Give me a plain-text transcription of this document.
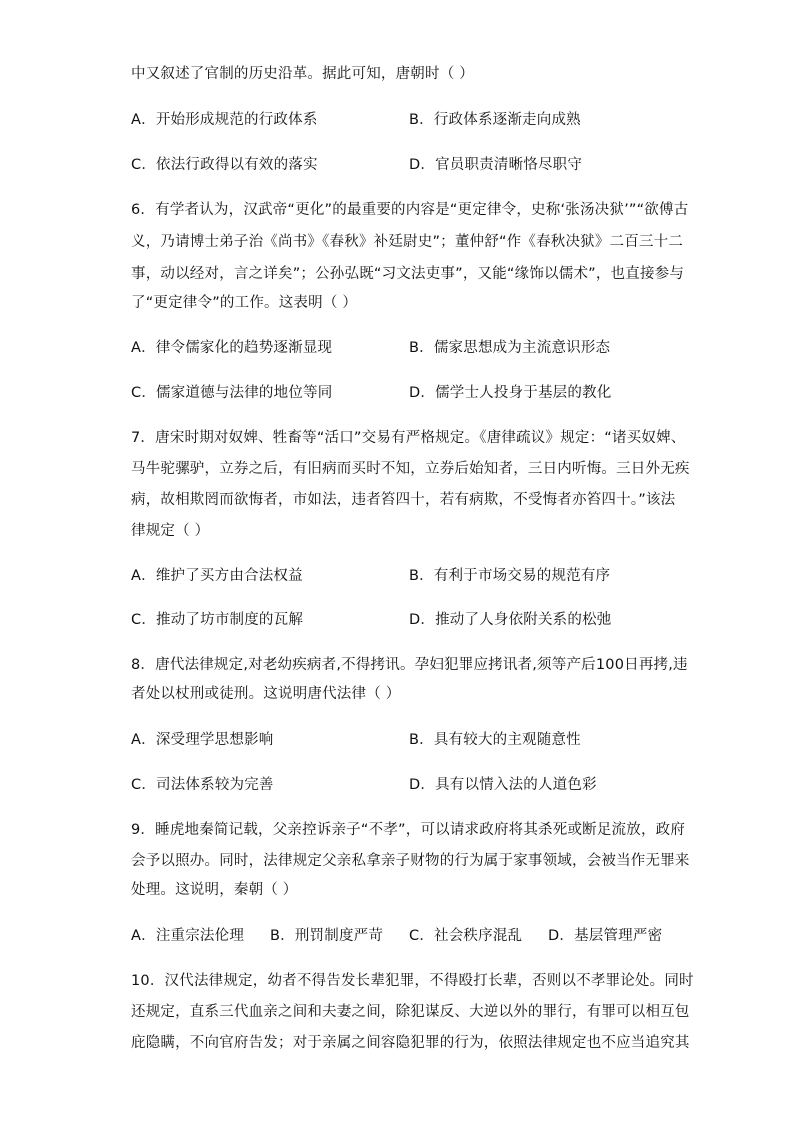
中又叙述了官制的历史沿革。据此可知，唐朝时（ ）
A．开始形成规范的行政体系	B．行政体系逐渐走向成熟
C．依法行政得以有效的落实	D．官员职责清晰恪尽职守
6．有学者认为，汉武帝“更化”的最重要的内容是“更定律令，史称‘张汤决狱’”“欲傅古
义，乃请博士弟子治《尚书》《春秋》补廷尉史”；董仲舒“作《春秋决狱》二百三十二
事，动以经对，言之详矣”；公孙弘既“习文法吏事”，又能“缘饰以儒术”，也直接参与
了“更定律令”的工作。这表明（ ）
A．律令儒家化的趋势逐渐显现	B．儒家思想成为主流意识形态
C．儒家道德与法律的地位等同	D．儒学士人投身于基层的教化
7．唐宋时期对奴婢、牲畜等“活口”交易有严格规定。《唐律疏议》规定：“诸买奴婢、
马牛驼骡驴，立券之后，有旧病而买时不知，立券后始知者，三日内听悔。三日外无疾
病，故相欺罔而欲悔者，市如法，违者笞四十，若有病欺，不受悔者亦笞四十。”该法
律规定（ ）
A．维护了买方由合法权益	B．有利于市场交易的规范有序
C．推动了坊市制度的瓦解	D．推动了人身依附关系的松弛
8．唐代法律规定,对老幼疾病者,不得拷讯。孕妇犯罪应拷讯者,须等产后100日再拷,违
者处以杖刑或徒刑。这说明唐代法律（ ）
A．深受理学思想影响	B．具有较大的主观随意性
C．司法体系较为完善	D．具有以情入法的人道色彩
9．睡虎地秦简记载，父亲控诉亲子“不孝”，可以请求政府将其杀死或断足流放，政府
会予以照办。同时，法律规定父亲私拿亲子财物的行为属于家事领域，会被当作无罪来
处理。这说明，秦朝（ ）
A．注重宗法伦理 B．刑罚制度严苛 C．社会秩序混乱 D．基层管理严密
10．汉代法律规定，幼者不得告发长辈犯罪，不得殴打长辈，否则以不孝罪论处。同时
还规定，直系三代血亲之间和夫妻之间，除犯谋反、大逆以外的罪行，有罪可以相互包
庇隐瞒，不向官府告发；对于亲属之间容隐犯罪的行为，依照法律规定也不应当追究其
